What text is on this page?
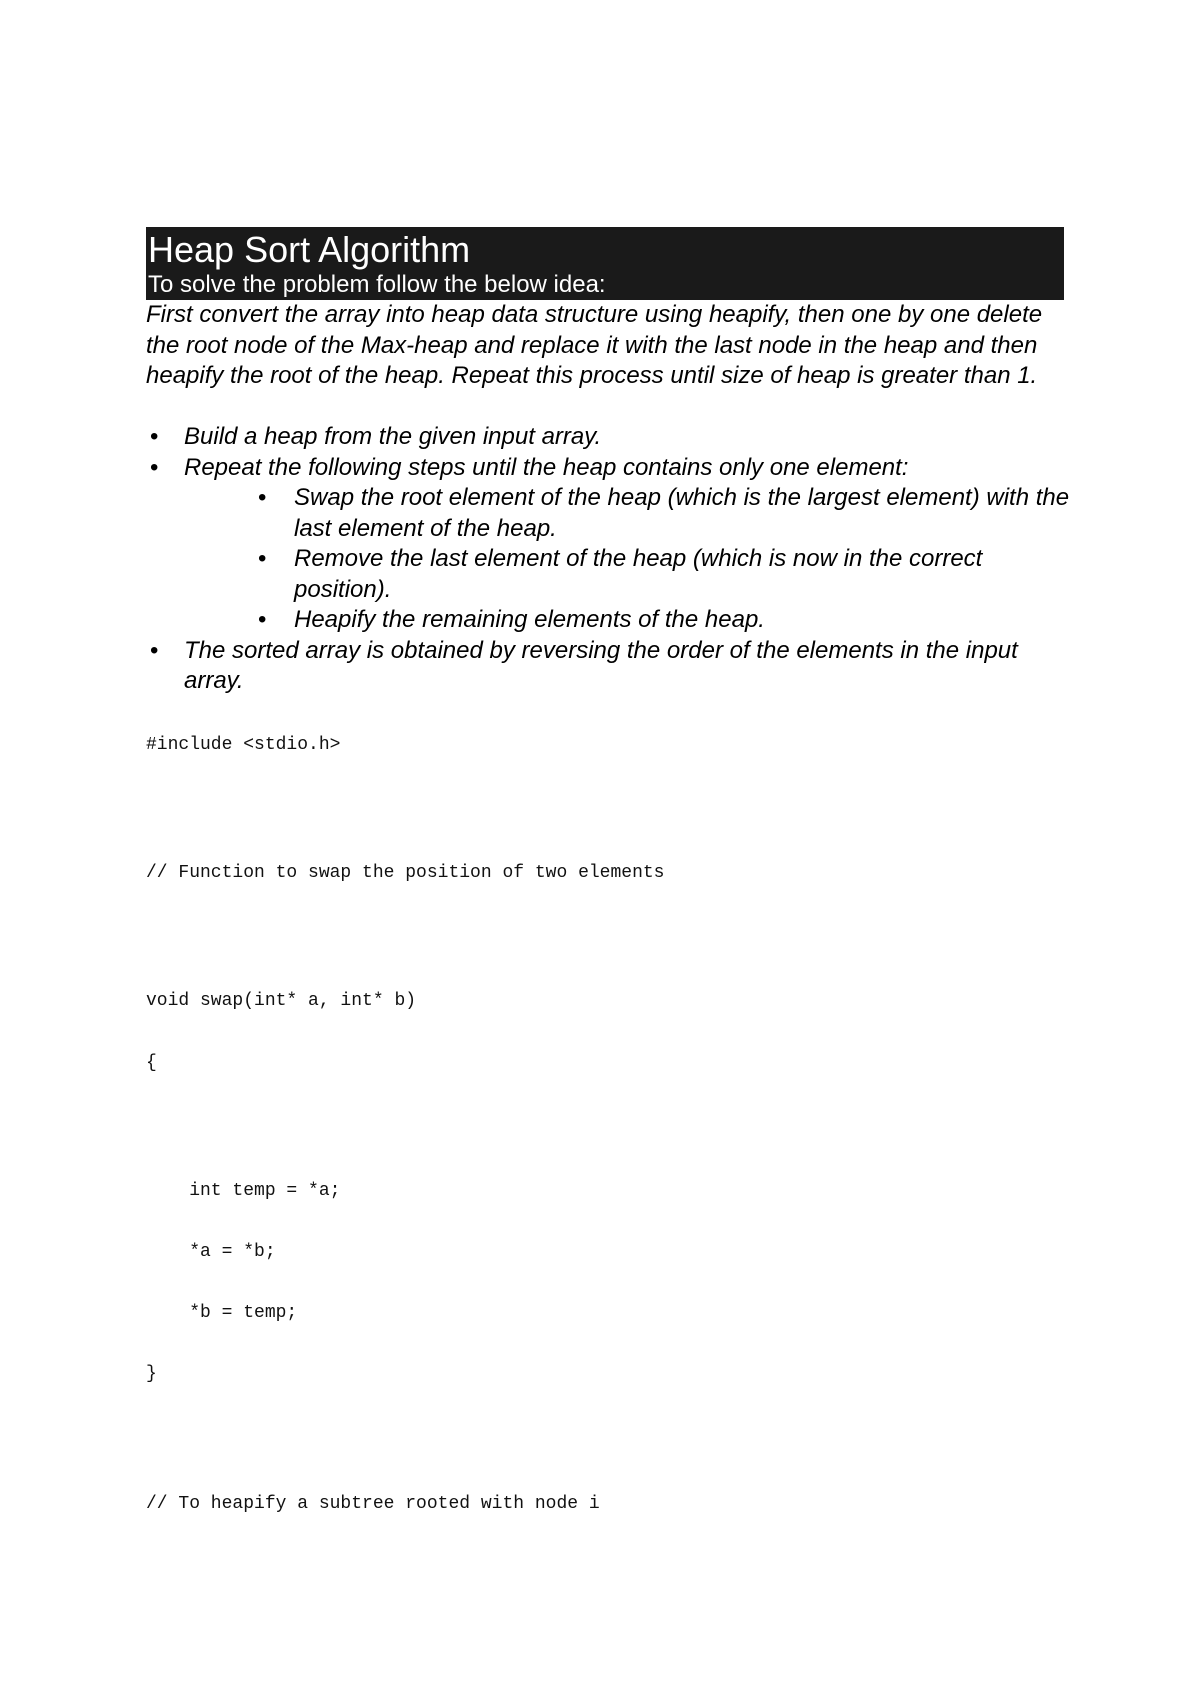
Heap Sort Algorithm
To solve the problem follow the below idea:

First convert the array into heap data structure using heapify, then one by one delete the root node of the Max-heap and replace it with the last node in the heap and then heapify the root of the heap. Repeat this process until size of heap is greater than 1.

• Build a heap from the given input array.
• Repeat the following steps until the heap contains only one element:
• Swap the root element of the heap (which is the largest element) with the last element of the heap.
• Remove the last element of the heap (which is now in the correct position).
• Heapify the remaining elements of the heap.
• The sorted array is obtained by reversing the order of the elements in the input array.
#include <stdio.h>
// Function to swap the position of two elements
void swap(int* a, int* b)
{
int temp = *a;
*a = *b;
*b = temp;
}
// To heapify a subtree rooted with node i
